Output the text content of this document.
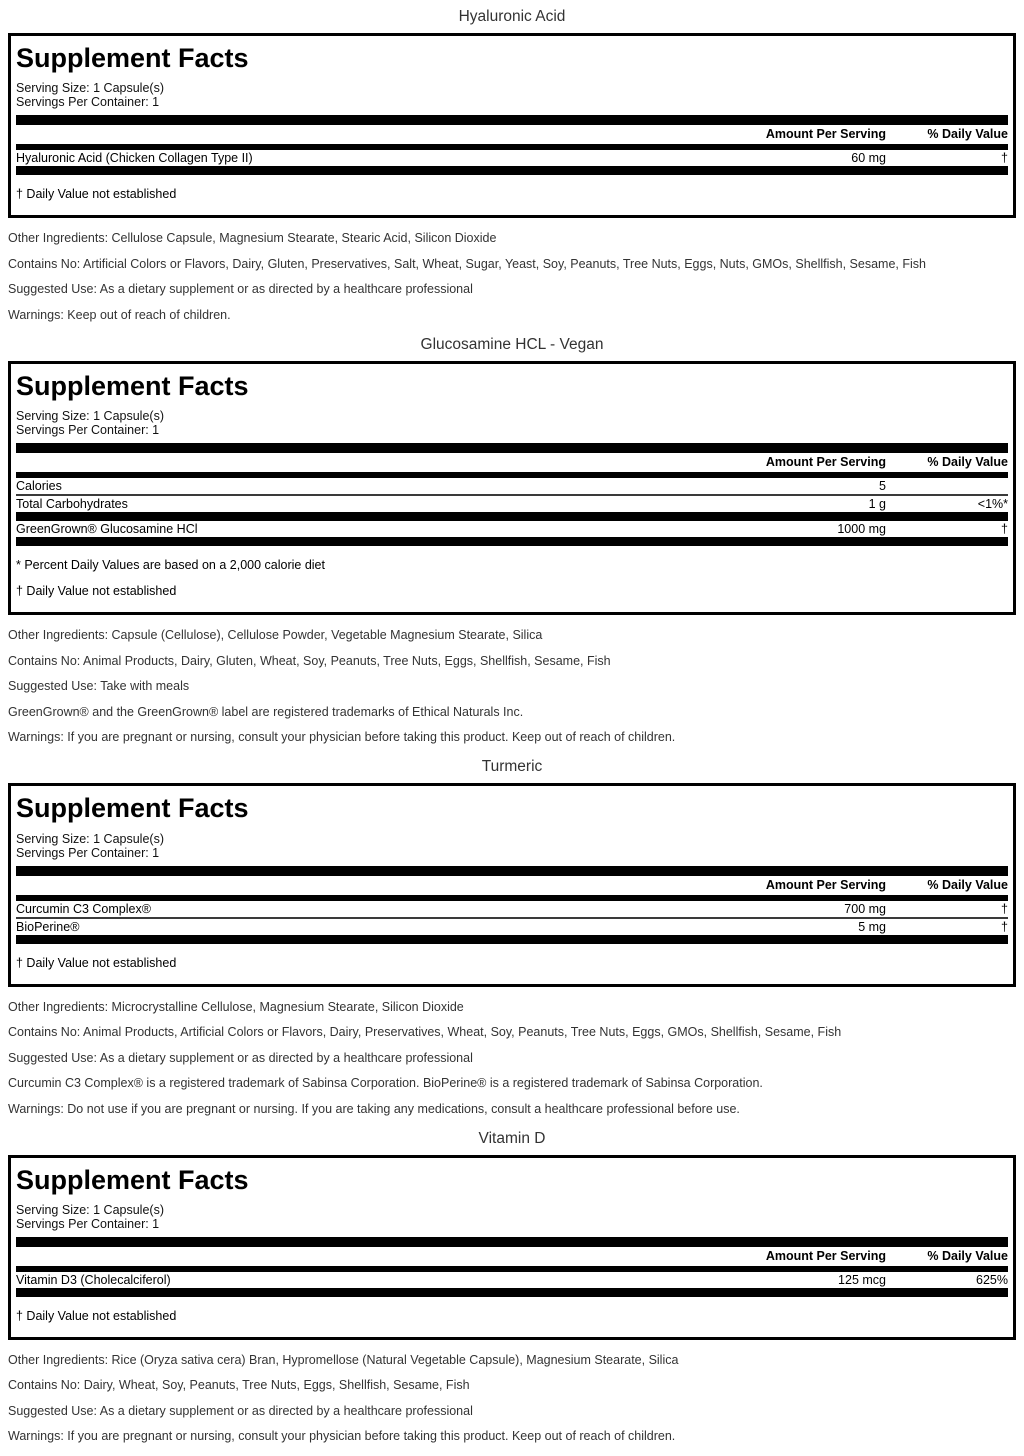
Hyaluronic Acid
Supplement Facts
Serving Size: 1 Capsule(s)
Servings Per Container: 1
Amount Per Serving	% Daily Value
Hyaluronic Acid (Chicken Collagen Type II)	60 mg	†
† Daily Value not established

Other Ingredients: Cellulose Capsule, Magnesium Stearate, Stearic Acid, Silicon Dioxide

Contains No: Artificial Colors or Flavors, Dairy, Gluten, Preservatives, Salt, Wheat, Sugar, Yeast, Soy, Peanuts, Tree Nuts, Eggs, Nuts, GMOs, Shellfish, Sesame, Fish

Suggested Use: As a dietary supplement or as directed by a healthcare professional

Warnings: Keep out of reach of children.

Glucosamine HCL - Vegan
Supplement Facts
Serving Size: 1 Capsule(s)
Servings Per Container: 1
Amount Per Serving	% Daily Value
Calories	5
Total Carbohydrates	1 g	<1%*
GreenGrown® Glucosamine HCl	1000 mg	†
* Percent Daily Values are based on a 2,000 calorie diet
† Daily Value not established

Other Ingredients: Capsule (Cellulose), Cellulose Powder, Vegetable Magnesium Stearate, Silica

Contains No: Animal Products, Dairy, Gluten, Wheat, Soy, Peanuts, Tree Nuts, Eggs, Shellfish, Sesame, Fish

Suggested Use: Take with meals

GreenGrown® and the GreenGrown® label are registered trademarks of Ethical Naturals Inc.

Warnings: If you are pregnant or nursing, consult your physician before taking this product. Keep out of reach of children.

Turmeric
Supplement Facts
Serving Size: 1 Capsule(s)
Servings Per Container: 1
Amount Per Serving	% Daily Value
Curcumin C3 Complex®	700 mg	†
BioPerine®	5 mg	†
† Daily Value not established

Other Ingredients: Microcrystalline Cellulose, Magnesium Stearate, Silicon Dioxide

Contains No: Animal Products, Artificial Colors or Flavors, Dairy, Preservatives, Wheat, Soy, Peanuts, Tree Nuts, Eggs, GMOs, Shellfish, Sesame, Fish

Suggested Use: As a dietary supplement or as directed by a healthcare professional

Curcumin C3 Complex® is a registered trademark of Sabinsa Corporation. BioPerine® is a registered trademark of Sabinsa Corporation.

Warnings: Do not use if you are pregnant or nursing. If you are taking any medications, consult a healthcare professional before use.

Vitamin D
Supplement Facts
Serving Size: 1 Capsule(s)
Servings Per Container: 1
Amount Per Serving	% Daily Value
Vitamin D3 (Cholecalciferol)	125 mcg	625%
† Daily Value not established

Other Ingredients: Rice (Oryza sativa cera) Bran, Hypromellose (Natural Vegetable Capsule), Magnesium Stearate, Silica

Contains No: Dairy, Wheat, Soy, Peanuts, Tree Nuts, Eggs, Shellfish, Sesame, Fish

Suggested Use: As a dietary supplement or as directed by a healthcare professional

Warnings: If you are pregnant or nursing, consult your physician before taking this product. Keep out of reach of children.
